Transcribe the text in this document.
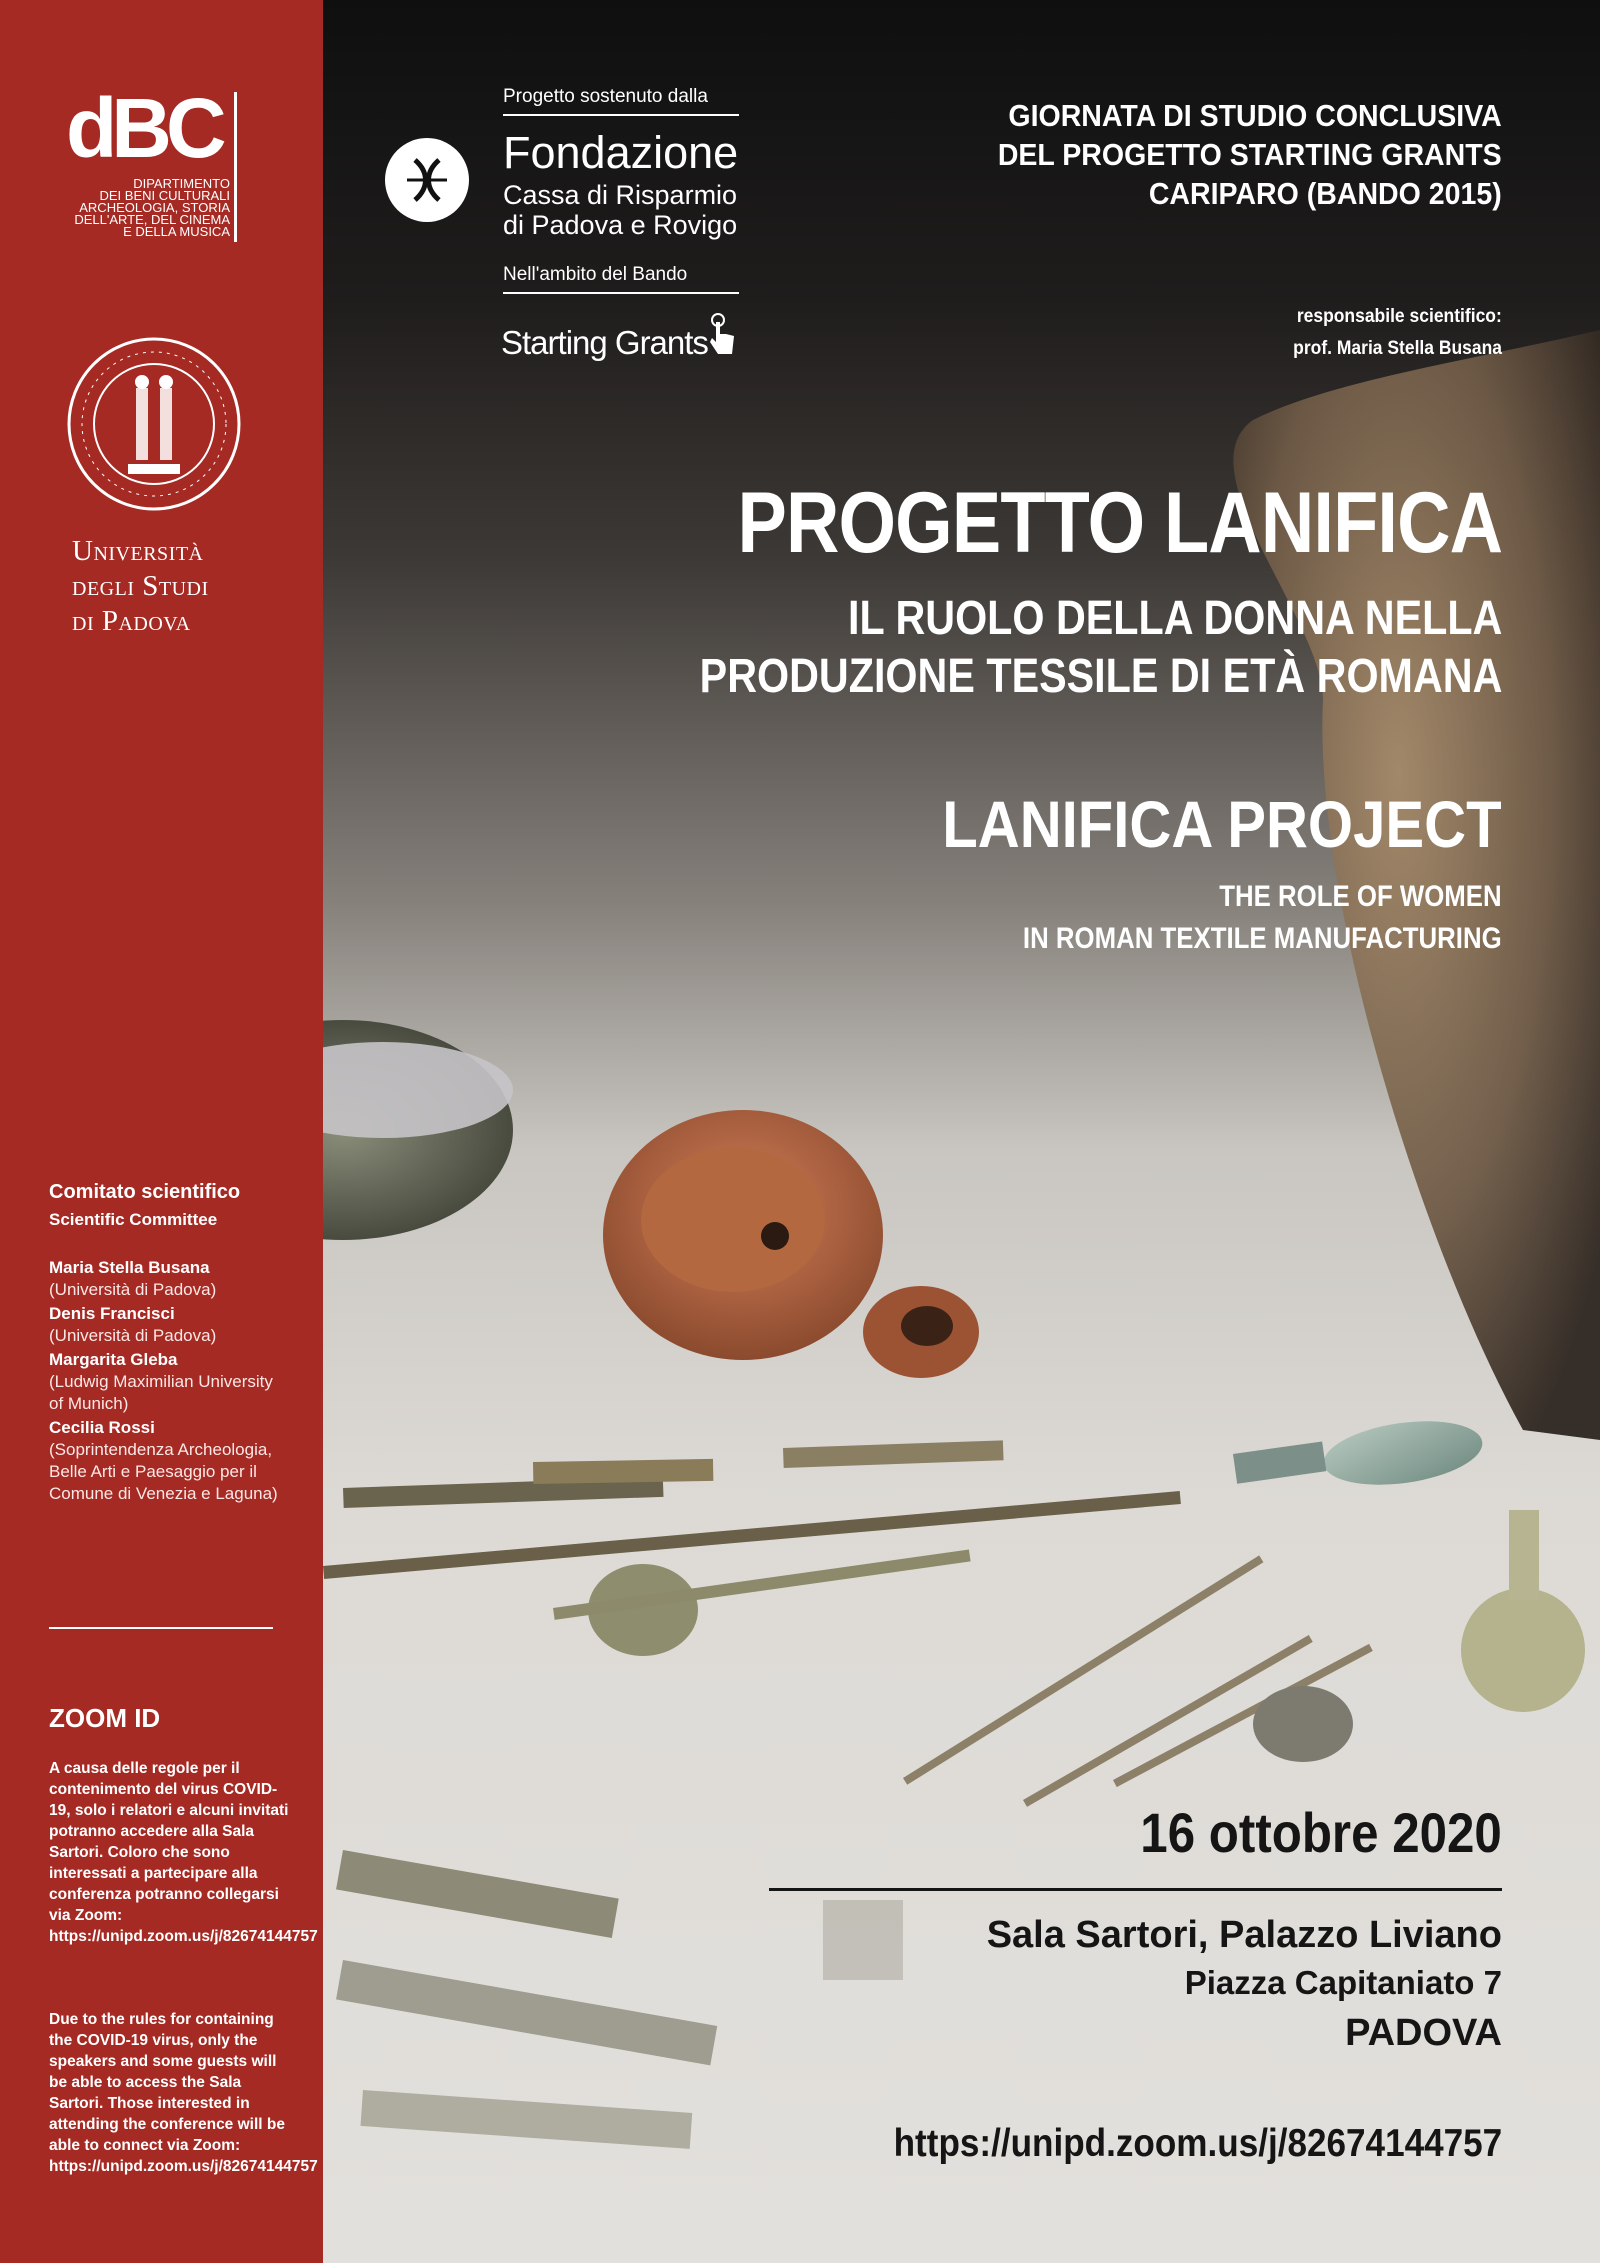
dBC
DIPARTIMENTO
DEI BENI CULTURALI
ARCHEOLOGIA, STORIA
DELL'ARTE, DEL CINEMA
E DELLA MUSICA
Università
degli Studi
di Padova
Comitato scientifico
Scientific Committee
Maria Stella Busana
(Università di Padova)
Denis Francisci
(Università di Padova)
Margarita Gleba
(Ludwig Maximilian University of Munich)
Cecilia Rossi
(Soprintendenza Archeologia, Belle Arti e Paesaggio per il Comune di Venezia e Laguna)
ZOOM ID
A causa delle regole per il contenimento del virus COVID-19, solo i relatori e alcuni invitati potranno accedere alla Sala Sartori. Coloro che sono interessati a partecipare alla conferenza potranno collegarsi via Zoom: https://unipd.zoom.us/j/82674144757
Due to the rules for containing the COVID-19 virus, only the speakers and some guests will be able to access the Sala Sartori. Those interested in attending the conference will be able to connect via Zoom: https://unipd.zoom.us/j/82674144757
Progetto sostenuto dalla
Fondazione
Cassa di Risparmio
di Padova e Rovigo
Nell'ambito del Bando
Starting Grants
GIORNATA DI STUDIO CONCLUSIVA
DEL PROGETTO STARTING GRANTS
CARIPARO (BANDO 2015)
responsabile scientifico:
prof. Maria Stella Busana
PROGETTO LANIFICA
IL RUOLO DELLA DONNA NELLA
PRODUZIONE TESSILE DI ETÀ ROMANA
LANIFICA PROJECT
THE ROLE OF WOMEN
IN ROMAN TEXTILE MANUFACTURING
16 ottobre 2020
Sala Sartori, Palazzo Liviano
Piazza Capitaniato 7
PADOVA
https://unipd.zoom.us/j/82674144757
